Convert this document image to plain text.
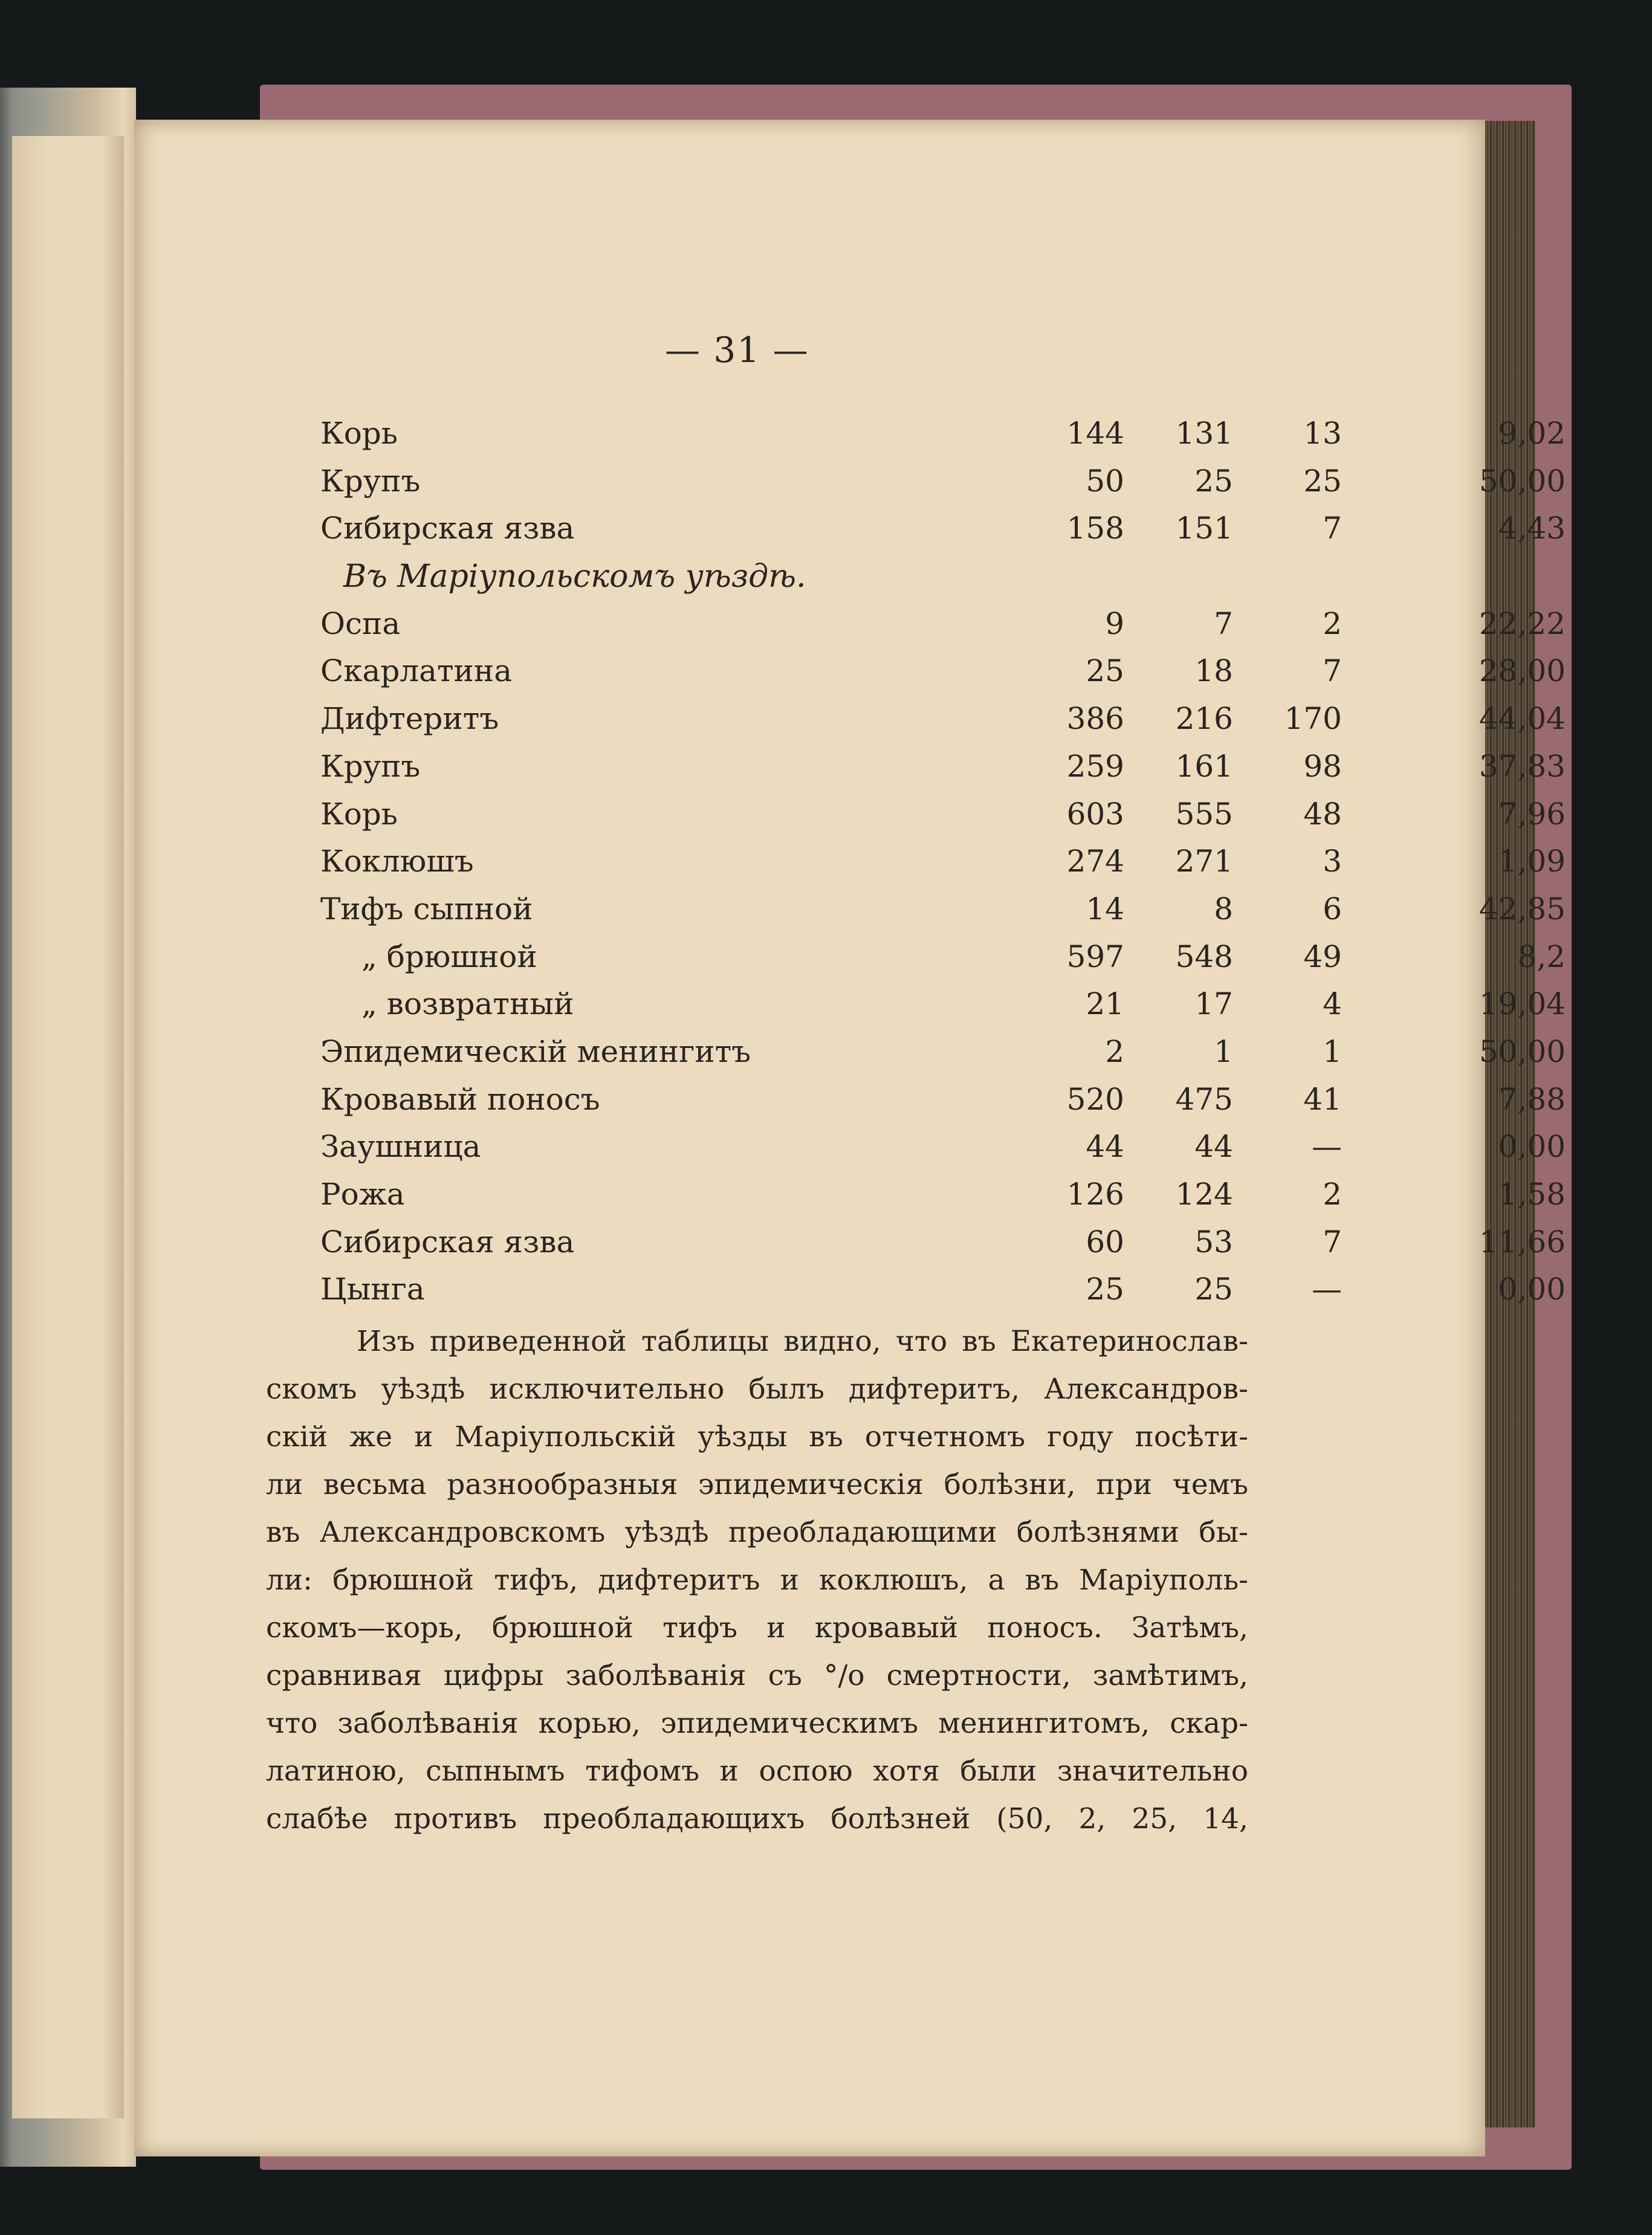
— 31 —
Корь	144	131	13	9,02
Крупъ	50	25	25	50,00
Сибирская язва	158	151	7	4,43
Въ Маріупольскомъ уѣздѣ.
Оспа	9	7	2	22,22
Скарлатина	25	18	7	28,00
Дифтеритъ	386	216	170	44,04
Крупъ	259	161	98	37,83
Корь	603	555	48	7,96
Коклюшъ	274	271	3	1,09
Тифъ сыпной	14	8	6	42,85
„ брюшной	597	548	49	8,2
„ возвратный	21	17	4	19,04
Эпидемическій менингитъ	2	1	1	50,00
Кровавый поносъ	520	475	41	7,88
Заушница	44	44	—	0,00
Рожа	126	124	2	1,58
Сибирская язва	60	53	7	11,66
Цынга	25	25	—	0,00
Изъ приведенной таблицы видно, что въ Екатеринослав-
скомъ уѣздѣ исключительно былъ дифтеритъ, Александров-
скій же и Маріупольскій уѣзды въ отчетномъ году посѣти-
ли весьма разнообразныя эпидемическія болѣзни, при чемъ
въ Александровскомъ уѣздѣ преобладающими болѣзнями бы-
ли: брюшной тифъ, дифтеритъ и коклюшъ, а въ Маріуполь-
скомъ—корь, брюшной тифъ и кровавый поносъ. Затѣмъ,
сравнивая цифры заболѣванія съ °/o смертности, замѣтимъ,
что заболѣванія корью, эпидемическимъ менингитомъ, скар-
латиною, сыпнымъ тифомъ и оспою хотя были значительно
слабѣе противъ преобладающихъ болѣзней (50, 2, 25, 14,
